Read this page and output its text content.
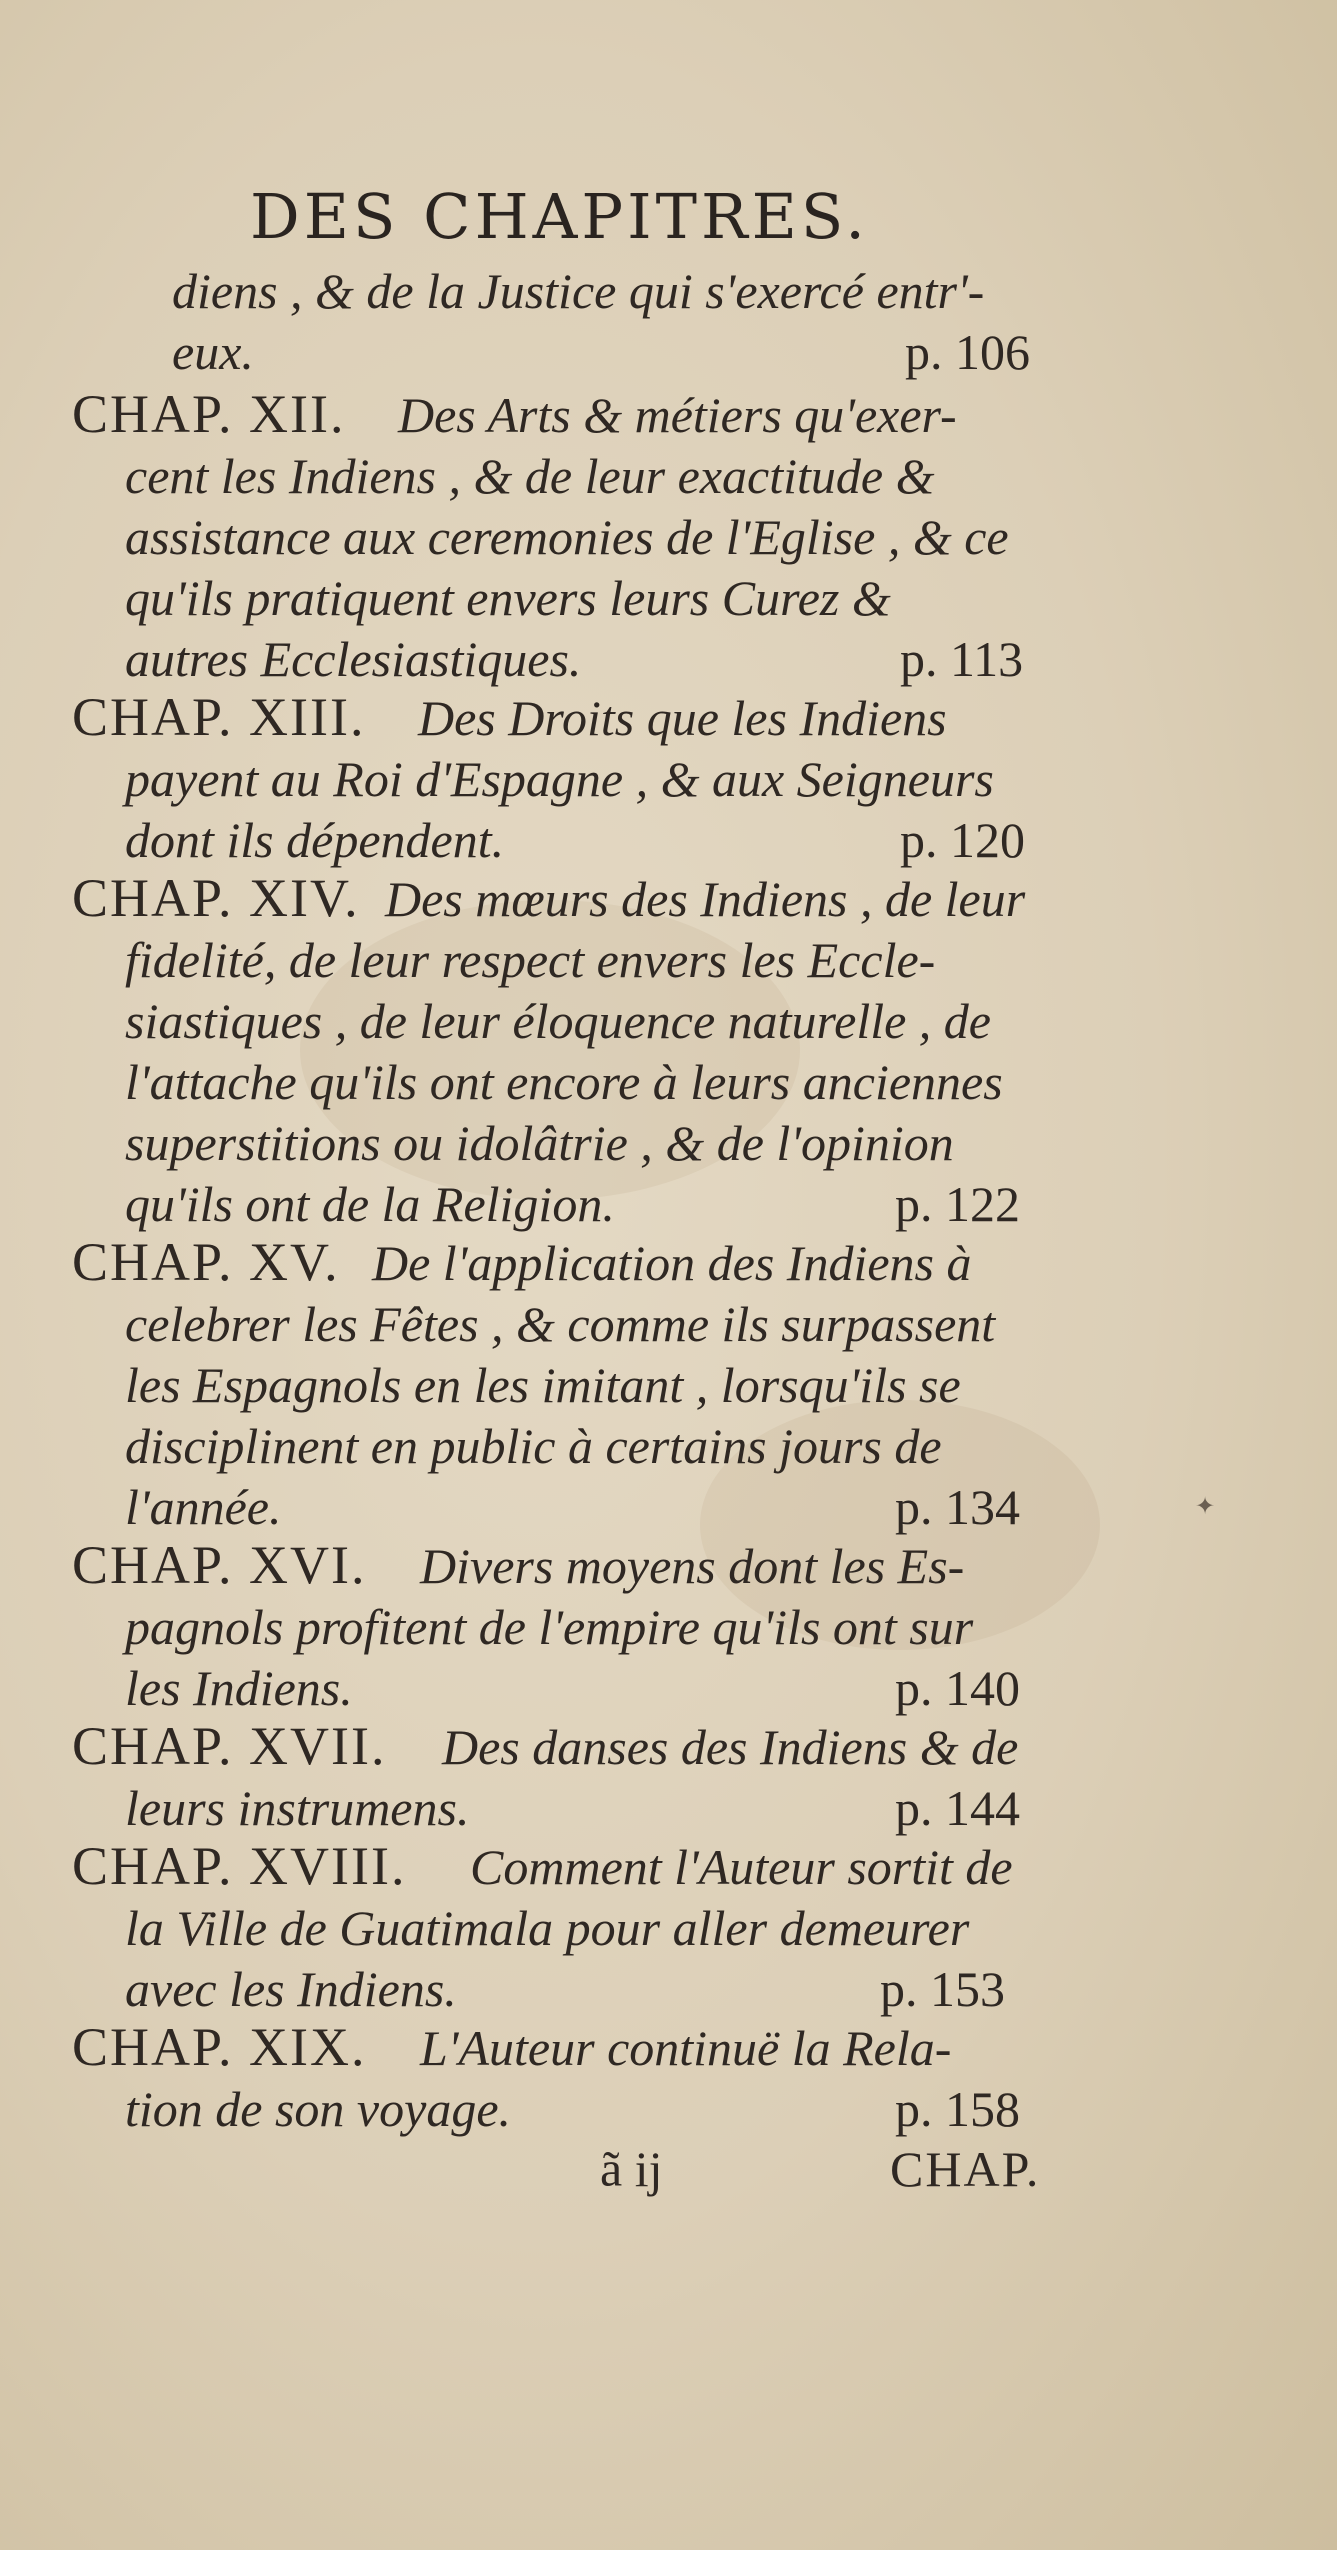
DES CHAPITRES.
diens , & de la Justice qui s'exercé entr'-
eux.	p. 106
CHAP. XII. Des Arts & métiers qu'exer-
cent les Indiens , & de leur exactitude &
assistance aux ceremonies de l'Eglise , & ce
qu'ils pratiquent envers leurs Curez &
autres Ecclesiastiques.	p. 113
CHAP. XIII. Des Droits que les Indiens
payent au Roi d'Espagne , & aux Seigneurs
dont ils dépendent.	p. 120
CHAP. XIV. Des mœurs des Indiens , de leur
fidelité, de leur respect envers les Eccle-
siastiques , de leur éloquence naturelle , de
l'attache qu'ils ont encore à leurs anciennes
superstitions ou idolâtrie , & de l'opinion
qu'ils ont de la Religion.	p. 122
CHAP. XV. De l'application des Indiens à
celebrer les Fêtes , & comme ils surpassent
les Espagnols en les imitant , lorsqu'ils se
disciplinent en public à certains jours de
l'année.	p. 134	✦
CHAP. XVI. Divers moyens dont les Es-
pagnols profitent de l'empire qu'ils ont sur
les Indiens.	p. 140
CHAP. XVII. Des danses des Indiens & de
leurs instrumens.	p. 144
CHAP. XVIII. Comment l'Auteur sortit de
la Ville de Guatimala pour aller demeurer
avec les Indiens.	p. 153
CHAP. XIX. L'Auteur continuë la Rela-
tion de son voyage.	p. 158
ã ij	CHAP.
